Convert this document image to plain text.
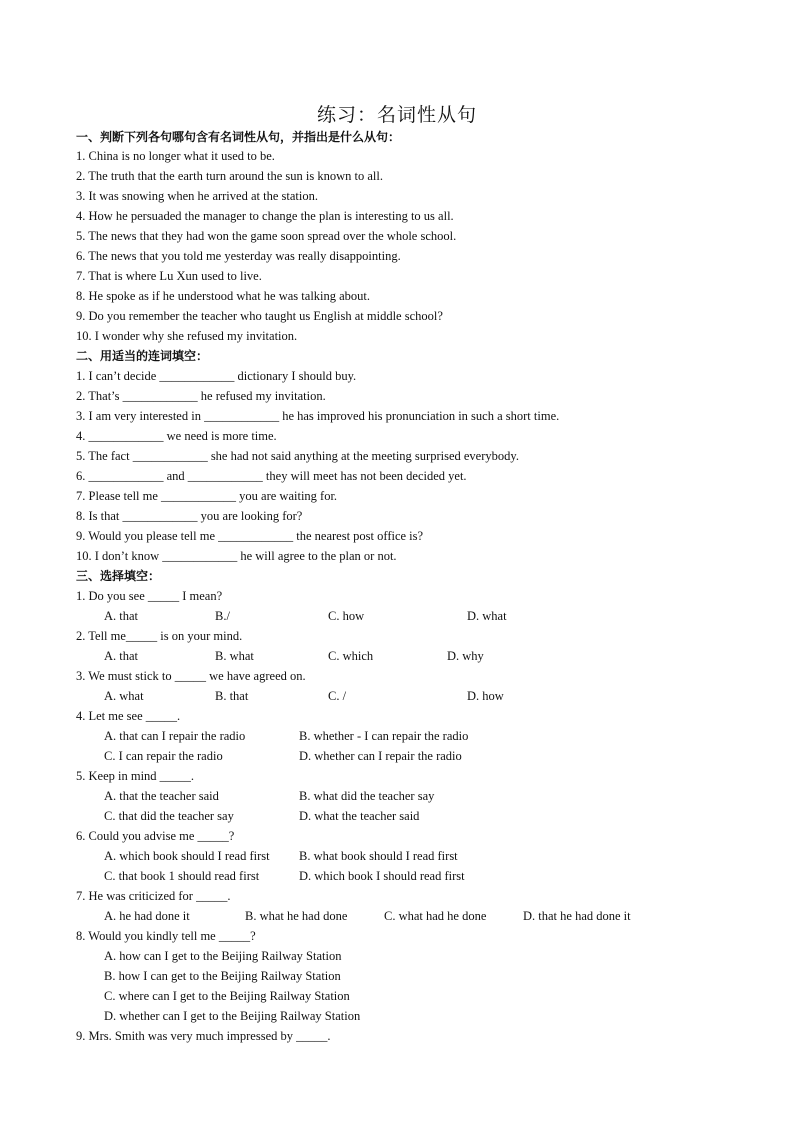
练习：名词性从句
一、判断下列各句哪句含有名词性从句，并指出是什么从句：
1. China is no longer what it used to be.
2. The truth that the earth turn around the sun is known to all.
3. It was snowing when he arrived at the station.
4. How he persuaded the manager to change the plan is interesting to us all.
5. The news that they had won the game soon spread over the whole school.
6. The news that you told me yesterday was really disappointing.
7. That is where Lu Xun used to live.
8. He spoke as if he understood what he was talking about.
9. Do you remember the teacher who taught us English at middle school?
10. I wonder why she refused my invitation.
二、用适当的连词填空：
1. I can’t decide ____________ dictionary I should buy.
2. That’s ____________ he refused my invitation.
3. I am very interested in ____________ he has improved his pronunciation in such a short time.
4. ____________ we need is more time.
5. The fact ____________ she had not said anything at the meeting surprised everybody.
6. ____________ and ____________ they will meet has not been decided yet.
7. Please tell me ____________ you are waiting for.
8. Is that ____________ you are looking for?
9. Would you please tell me ____________ the nearest post office is?
10. I don’t know ____________ he will agree to the plan or not.
三、选择填空：
1. Do you see _____ I mean?
A. that	B./	C. how	D. what
2. Tell me_____ is on your mind.
A. that	B. what	C. which	D. why
3. We must stick to _____ we have agreed on.
A. what	B. that	C. /	D. how
4. Let me see _____.
A. that can I repair the radio	B. whether - I can repair the radio
C. I can repair the radio	D. whether can I repair the radio
5. Keep in mind _____.
A. that the teacher said	B. what did the teacher say
C. that did the teacher say	D. what the teacher said
6. Could you advise me _____?
A. which book should I read first B. what book should I read first
C. that book 1 should read first	D. which book I should read first
7. He was criticized for _____.
A. he had done it	B. what he had done	C. what had he done	D. that he had done it
8. Would you kindly tell me _____?
A. how can I get to the Beijing Railway Station
B. how I can get to the Beijing Railway Station
C. where can I get to the Beijing Railway Station
D. whether can I get to the Beijing Railway Station
9. Mrs. Smith was very much impressed by _____.
